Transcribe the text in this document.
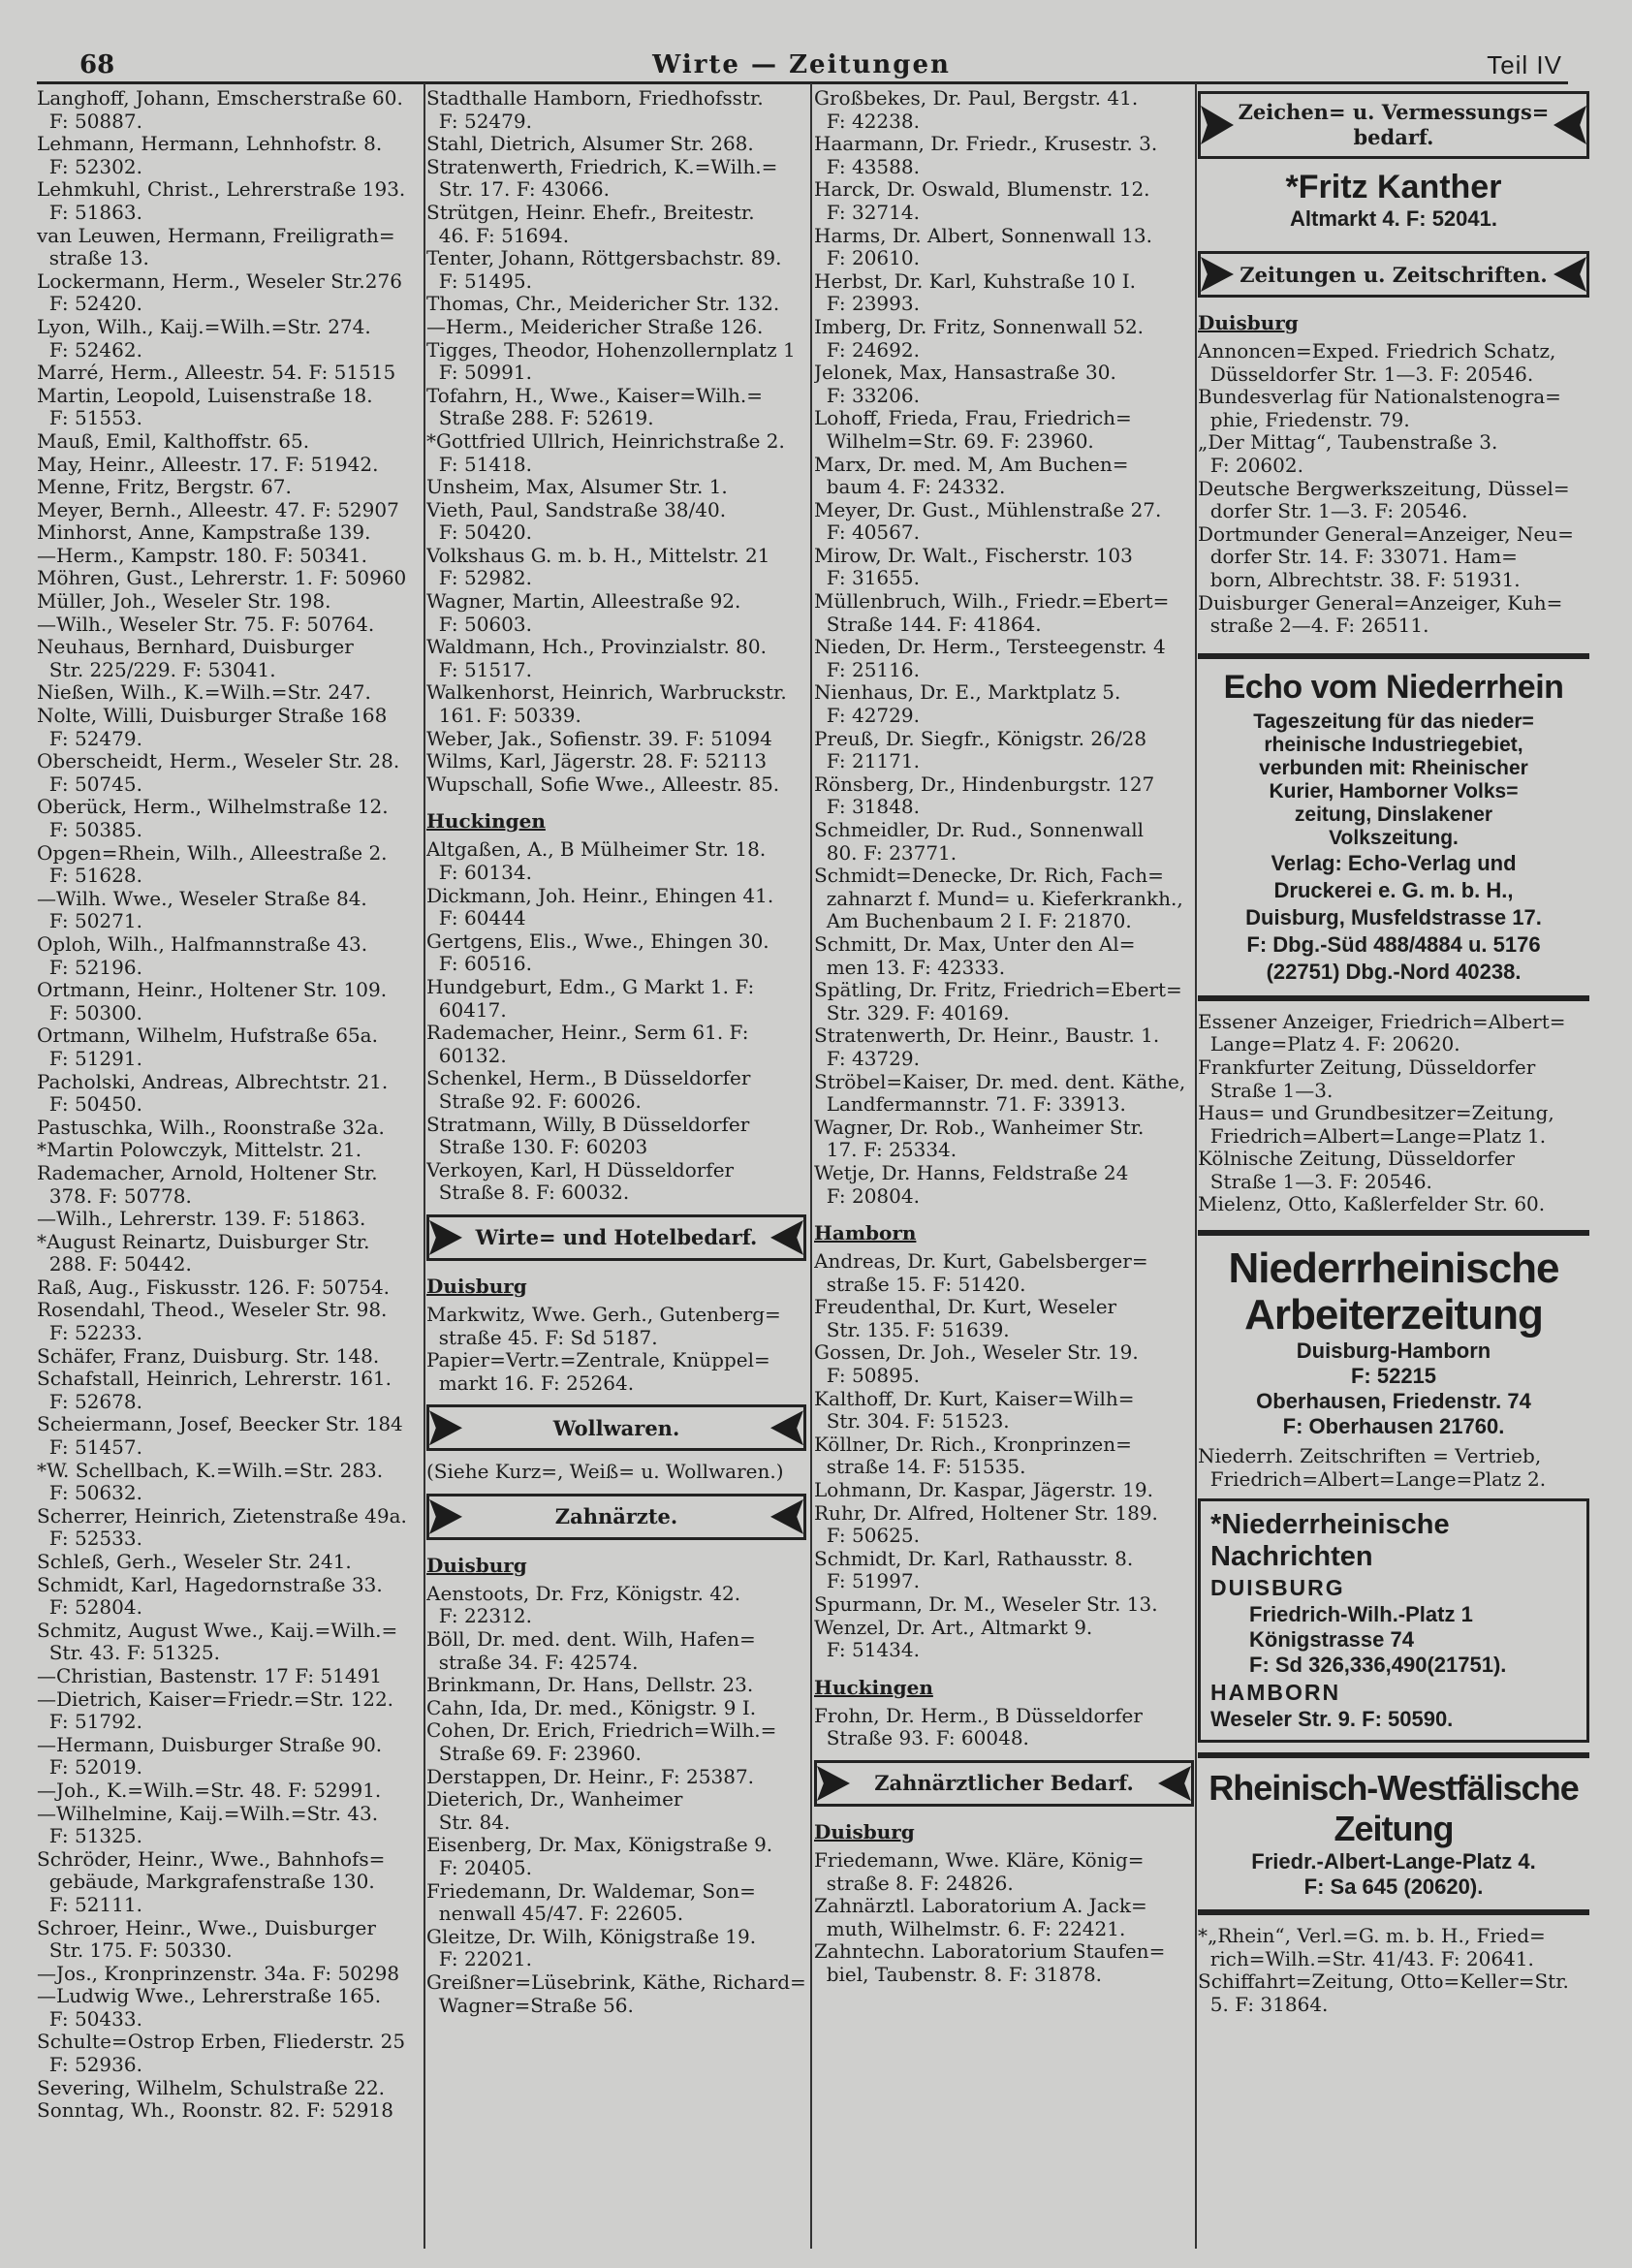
68	Wirte — Zeitungen	Teil IV
Langhoff, Johann, Emscherstraße 60.
F: 50887.
Lehmann, Hermann, Lehnhofstr. 8.
F: 52302.
Lehmkuhl, Christ., Lehrerstraße 193.
F: 51863.
van Leuwen, Hermann, Freiligrath=
straße 13.
Lockermann, Herm., Weseler Str.276
F: 52420.
Lyon, Wilh., Kaij.=Wilh.=Str. 274.
F: 52462.
Marré, Herm., Alleestr. 54. F: 51515
Martin, Leopold, Luisenstraße 18.
F: 51553.
Mauß, Emil, Kalthoffstr. 65.
May, Heinr., Alleestr. 17. F: 51942.
Menne, Fritz, Bergstr. 67.
Meyer, Bernh., Alleestr. 47. F: 52907
Minhorst, Anne, Kampstraße 139.
—Herm., Kampstr. 180. F: 50341.
Möhren, Gust., Lehrerstr. 1. F: 50960
Müller, Joh., Weseler Str. 198.
—Wilh., Weseler Str. 75. F: 50764.
Neuhaus, Bernhard, Duisburger
Str. 225/229. F: 53041.
Nießen, Wilh., K.=Wilh.=Str. 247.
Nolte, Willi, Duisburger Straße 168
F: 52479.
Oberscheidt, Herm., Weseler Str. 28.
F: 50745.
Oberück, Herm., Wilhelmstraße 12.
F: 50385.
Opgen=Rhein, Wilh., Alleestraße 2.
F: 51628.
—Wilh. Wwe., Weseler Straße 84.
F: 50271.
Oploh, Wilh., Halfmannstraße 43.
F: 52196.
Ortmann, Heinr., Holtener Str. 109.
F: 50300.
Ortmann, Wilhelm, Hufstraße 65a.
F: 51291.
Pacholski, Andreas, Albrechtstr. 21.
F: 50450.
Pastuschka, Wilh., Roonstraße 32a.
*Martin Polowczyk, Mittelstr. 21.
Rademacher, Arnold, Holtener Str.
378. F: 50778.
—Wilh., Lehrerstr. 139. F: 51863.
*August Reinartz, Duisburger Str.
288. F: 50442.
Raß, Aug., Fiskusstr. 126. F: 50754.
Rosendahl, Theod., Weseler Str. 98.
F: 52233.
Schäfer, Franz, Duisburg. Str. 148.
Schafstall, Heinrich, Lehrerstr. 161.
F: 52678.
Scheiermann, Josef, Beecker Str. 184
F: 51457.
*W. Schellbach, K.=Wilh.=Str. 283.
F: 50632.
Scherrer, Heinrich, Zietenstraße 49a.
F: 52533.
Schleß, Gerh., Weseler Str. 241.
Schmidt, Karl, Hagedornstraße 33.
F: 52804.
Schmitz, August Wwe., Kaij.=Wilh.=
Str. 43. F: 51325.
—Christian, Bastenstr. 17 F: 51491
—Dietrich, Kaiser=Friedr.=Str. 122.
F: 51792.
—Hermann, Duisburger Straße 90.
F: 52019.
—Joh., K.=Wilh.=Str. 48. F: 52991.
—Wilhelmine, Kaij.=Wilh.=Str. 43.
F: 51325.
Schröder, Heinr., Wwe., Bahnhofs=
gebäude, Markgrafenstraße 130.
F: 52111.
Schroer, Heinr., Wwe., Duisburger
Str. 175. F: 50330.
—Jos., Kronprinzenstr. 34a. F: 50298
—Ludwig Wwe., Lehrerstraße 165.
F: 50433.
Schulte=Ostrop Erben, Fliederstr. 25
F: 52936.
Severing, Wilhelm, Schulstraße 22.
Sonntag, Wh., Roonstr. 82. F: 52918
Stadthalle Hamborn, Friedhofsstr.
F: 52479.
Stahl, Dietrich, Alsumer Str. 268.
Stratenwerth, Friedrich, K.=Wilh.=
Str. 17. F: 43066.
Strütgen, Heinr. Ehefr., Breitestr.
46. F: 51694.
Tenter, Johann, Röttgersbachstr. 89.
F: 51495.
Thomas, Chr., Meidericher Str. 132.
—Herm., Meidericher Straße 126.
Tigges, Theodor, Hohenzollernplatz 1
F: 50991.
Tofahrn, H., Wwe., Kaiser=Wilh.=
Straße 288. F: 52619.
*Gottfried Ullrich, Heinrichstraße 2.
F: 51418.
Unsheim, Max, Alsumer Str. 1.
Vieth, Paul, Sandstraße 38/40.
F: 50420.
Volkshaus G. m. b. H., Mittelstr. 21
F: 52982.
Wagner, Martin, Alleestraße 92.
F: 50603.
Waldmann, Hch., Provinzialstr. 80.
F: 51517.
Walkenhorst, Heinrich, Warbruckstr.
161. F: 50339.
Weber, Jak., Sofienstr. 39. F: 51094
Wilms, Karl, Jägerstr. 28. F: 52113
Wupschall, Sofie Wwe., Alleestr. 85.
Huckingen
Altgaßen, A., B Mülheimer Str. 18.
F: 60134.
Dickmann, Joh. Heinr., Ehingen 41.
F: 60444
Gertgens, Elis., Wwe., Ehingen 30.
F: 60516.
Hundgeburt, Edm., G Markt 1. F:
60417.
Rademacher, Heinr., Serm 61. F:
60132.
Schenkel, Herm., B Düsseldorfer
Straße 92. F: 60026.
Stratmann, Willy, B Düsseldorfer
Straße 130. F: 60203
Verkoyen, Karl, H Düsseldorfer
Straße 8. F: 60032.
Wirte= und Hotelbedarf.
Duisburg
Markwitz, Wwe. Gerh., Gutenberg=
straße 45. F: Sd 5187.
Papier=Vertr.=Zentrale, Knüppel=
markt 16. F: 25264.
Wollwaren.
(Siehe Kurz=, Weiß= u. Wollwaren.)
Zahnärzte.
Duisburg
Aenstoots, Dr. Frz, Königstr. 42.
F: 22312.
Böll, Dr. med. dent. Wilh, Hafen=
straße 34. F: 42574.
Brinkmann, Dr. Hans, Dellstr. 23.
Cahn, Ida, Dr. med., Königstr. 9 I.
Cohen, Dr. Erich, Friedrich=Wilh.=
Straße 69. F: 23960.
Derstappen, Dr. Heinr., F: 25387.
Dieterich, Dr., Wanheimer
Str. 84.
Eisenberg, Dr. Max, Königstraße 9.
F: 20405.
Friedemann, Dr. Waldemar, Son=
nenwall 45/47. F: 22605.
Gleitze, Dr. Wilh, Königstraße 19.
F: 22021.
Greißner=Lüsebrink, Käthe, Richard=
Wagner=Straße 56.
Großbekes, Dr. Paul, Bergstr. 41.
F: 42238.
Haarmann, Dr. Friedr., Krusestr. 3.
F: 43588.
Harck, Dr. Oswald, Blumenstr. 12.
F: 32714.
Harms, Dr. Albert, Sonnenwall 13.
F: 20610.
Herbst, Dr. Karl, Kuhstraße 10 I.
F: 23993.
Imberg, Dr. Fritz, Sonnenwall 52.
F: 24692.
Jelonek, Max, Hansastraße 30.
F: 33206.
Lohoff, Frieda, Frau, Friedrich=
Wilhelm=Str. 69. F: 23960.
Marx, Dr. med. M, Am Buchen=
baum 4. F: 24332.
Meyer, Dr. Gust., Mühlenstraße 27.
F: 40567.
Mirow, Dr. Walt., Fischerstr. 103
F: 31655.
Müllenbruch, Wilh., Friedr.=Ebert=
Straße 144. F: 41864.
Nieden, Dr. Herm., Tersteegenstr. 4
F: 25116.
Nienhaus, Dr. E., Marktplatz 5.
F: 42729.
Preuß, Dr. Siegfr., Königstr. 26/28
F: 21171.
Rönsberg, Dr., Hindenburgstr. 127
F: 31848.
Schmeidler, Dr. Rud., Sonnenwall
80. F: 23771.
Schmidt=Denecke, Dr. Rich, Fach=
zahnarzt f. Mund= u. Kieferkrankh.,
Am Buchenbaum 2 I. F: 21870.
Schmitt, Dr. Max, Unter den Al=
men 13. F: 42333.
Spätling, Dr. Fritz, Friedrich=Ebert=
Str. 329. F: 40169.
Stratenwerth, Dr. Heinr., Baustr. 1.
F: 43729.
Ströbel=Kaiser, Dr. med. dent. Käthe,
Landfermannstr. 71. F: 33913.
Wagner, Dr. Rob., Wanheimer Str.
17. F: 25334.
Wetje, Dr. Hanns, Feldstraße 24
F: 20804.
Hamborn
Andreas, Dr. Kurt, Gabelsberger=
straße 15. F: 51420.
Freudenthal, Dr. Kurt, Weseler
Str. 135. F: 51639.
Gossen, Dr. Joh., Weseler Str. 19.
F: 50895.
Kalthoff, Dr. Kurt, Kaiser=Wilh=
Str. 304. F: 51523.
Köllner, Dr. Rich., Kronprinzen=
straße 14. F: 51535.
Lohmann, Dr. Kaspar, Jägerstr. 19.
Ruhr, Dr. Alfred, Holtener Str. 189.
F: 50625.
Schmidt, Dr. Karl, Rathausstr. 8.
F: 51997.
Spurmann, Dr. M., Weseler Str. 13.
Wenzel, Dr. Art., Altmarkt 9.
F: 51434.
Huckingen
Frohn, Dr. Herm., B Düsseldorfer
Straße 93. F: 60048.
Zahnärztlicher Bedarf.
Duisburg
Friedemann, Wwe. Kläre, König=
straße 8. F: 24826.
Zahnärztl. Laboratorium A. Jack=
muth, Wilhelmstr. 6. F: 22421.
Zahntechn. Laboratorium Staufen=
biel, Taubenstr. 8. F: 31878.
Zeichen= u. Vermessungs= bedarf.
*Fritz Kanther
Altmarkt 4. F: 52041.
Zeitungen u. Zeitschriften.
Duisburg
Annoncen=Exped. Friedrich Schatz,
Düsseldorfer Str. 1—3. F: 20546.
Bundesverlag für Nationalstenogra=
phie, Friedenstr. 79.
„Der Mittag“, Taubenstraße 3.
F: 20602.
Deutsche Bergwerkszeitung, Düssel=
dorfer Str. 1—3. F: 20546.
Dortmunder General=Anzeiger, Neu=
dorfer Str. 14. F: 33071. Ham=
born, Albrechtstr. 38. F: 51931.
Duisburger General=Anzeiger, Kuh=
straße 2—4. F: 26511.
Echo vom Niederrhein
Tageszeitung für das nieder=
rheinische Industriegebiet,
verbunden mit: Rheinischer
Kurier, Hamborner Volks=
zeitung, Dinslakener
Volkszeitung.
Verlag: Echo-Verlag und
Druckerei e. G. m. b. H.,
Duisburg, Musfeldstrasse 17.
F: Dbg.-Süd 488/4884 u. 5176
(22751) Dbg.-Nord 40238.
Essener Anzeiger, Friedrich=Albert=
Lange=Platz 4. F: 20620.
Frankfurter Zeitung, Düsseldorfer
Straße 1—3.
Haus= und Grundbesitzer=Zeitung,
Friedrich=Albert=Lange=Platz 1.
Kölnische Zeitung, Düsseldorfer
Straße 1—3. F: 20546.
Mielenz, Otto, Kaßlerfelder Str. 60.
Niederrheinische
Arbeiterzeitung
Duisburg-Hamborn
F: 52215
Oberhausen, Friedenstr. 74
F: Oberhausen 21760.
Niederrh. Zeitschriften = Vertrieb,
Friedrich=Albert=Lange=Platz 2.
*Niederrheinische Nachrichten
DUISBURG
Friedrich-Wilh.-Platz 1
Königstrasse 74
F: Sd 326,336,490(21751).
HAMBORN
Weseler Str. 9. F: 50590.
Rheinisch-Westfälische
Zeitung
Friedr.-Albert-Lange-Platz 4.
F: Sa 645 (20620).
*„Rhein“, Verl.=G. m. b. H., Fried=
rich=Wilh.=Str. 41/43. F: 20641.
Schiffahrt=Zeitung, Otto=Keller=Str.
5. F: 31864.
